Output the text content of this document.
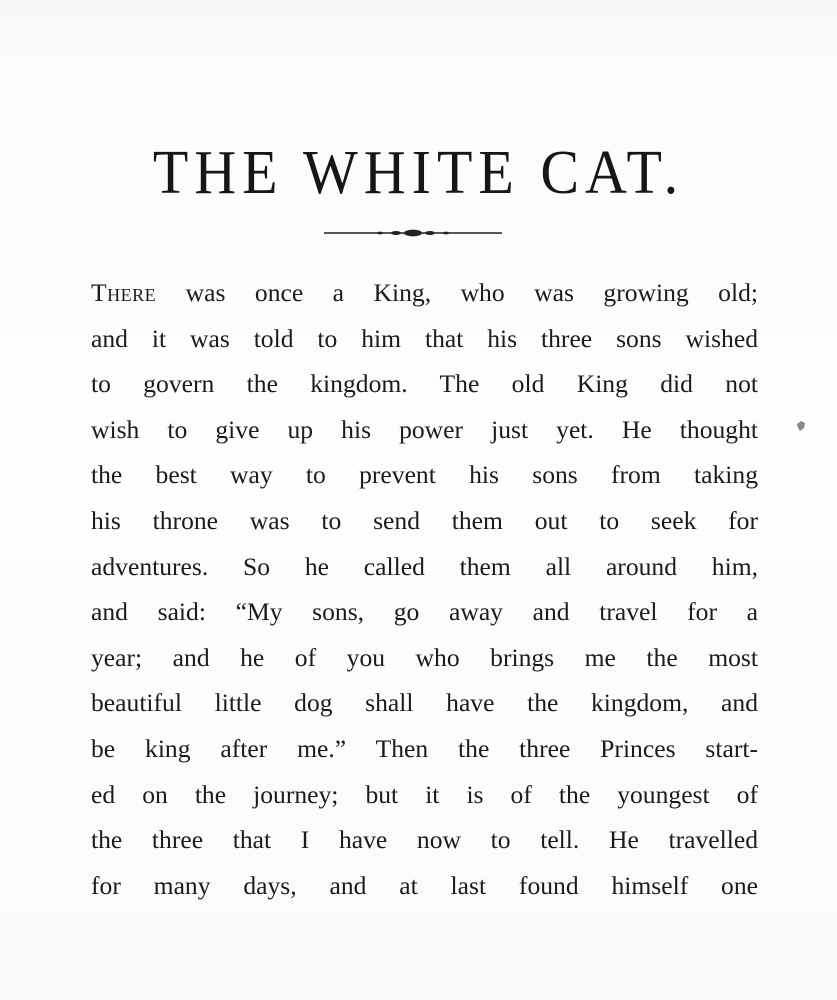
THE WHITE CAT.
There was once a King, who was growing old;
and it was told to him that his three sons wished
to govern the kingdom. The old King did not
wish to give up his power just yet. He thought
the best way to prevent his sons from taking
his throne was to send them out to seek for
adventures. So he called them all around him,
and said: “My sons, go away and travel for a
year; and he of you who brings me the most
beautiful little dog shall have the kingdom, and
be king after me.” Then the three Princes start-
ed on the journey; but it is of the youngest of
the three that I have now to tell. He travelled
for many days, and at last found himself one
